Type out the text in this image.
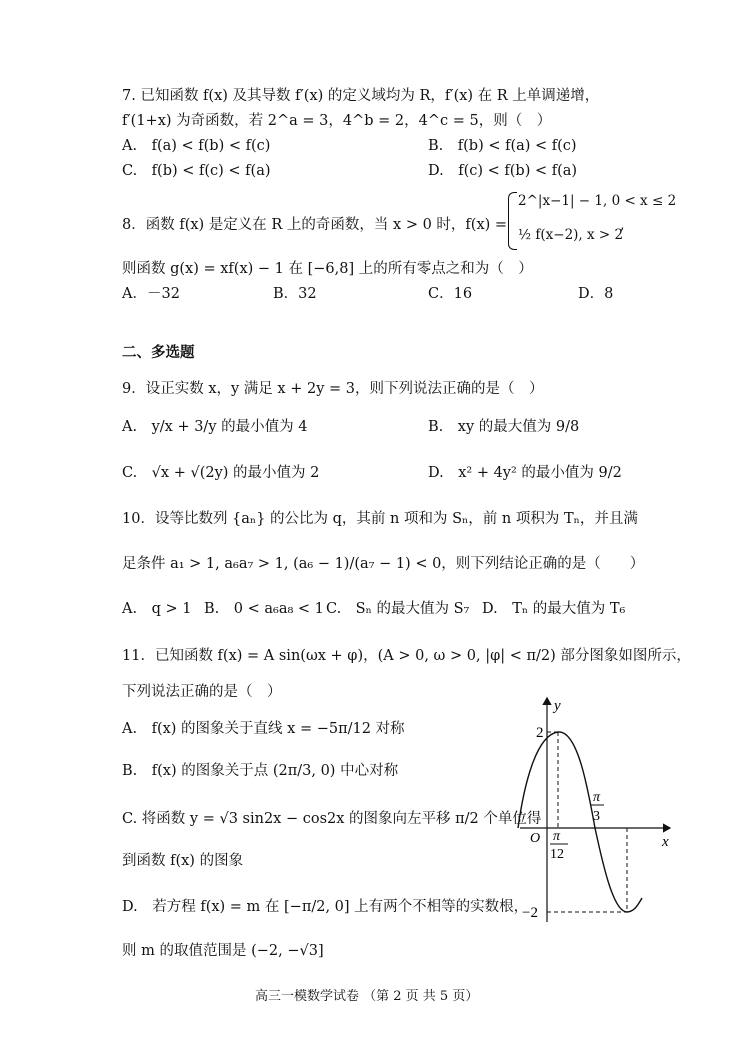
7. 已知函数 f(x) 及其导数 f′(x) 的定义域均为 R，f′(x) 在 R 上单调递增，
f′(1+x) 为奇函数，若 2^a = 3，4^b = 2，4^c = 5，则（　）
A.　f(a) < f(b) < f(c)	B.　f(b) < f(a) < f(c)
C.　f(b) < f(c) < f(a)	D.　f(c) < f(b) < f(a)
8．函数 f(x) 是定义在 R 上的奇函数，当 x > 0 时，f(x) =
2^|x−1| − 1, 0 < x ≤ 2
½ f(x−2), x > 2
,
则函数 g(x) = xf(x) − 1 在 [−6,8] 上的所有零点之和为（　）
A．－32	B．32	C．16	D．8
二、多选题
9．设正实数 x，y 满足 x + 2y = 3，则下列说法正确的是（　）
A.　y/x + 3/y 的最小值为 4	B.　xy 的最大值为 9/8
C.　√x + √(2y) 的最小值为 2	D.　x² + 4y² 的最小值为 9/2
10．设等比数列 {aₙ} 的公比为 q，其前 n 项和为 Sₙ，前 n 项积为 Tₙ，并且满
足条件 a₁ > 1, a₆a₇ > 1, (a₆ − 1)/(a₇ − 1) < 0，则下列结论正确的是（　　）
A.　q > 1 B.　0 < a₆a₈ < 1 C.　Sₙ 的最大值为 S₇ D.　Tₙ 的最大值为 T₆
11．已知函数 f(x) = A sin(ωx + φ)，(A > 0, ω > 0, |φ| < π/2) 部分图象如图所示，
下列说法正确的是（　）
A.　f(x) 的图象关于直线 x = −5π/12 对称
B.　f(x) 的图象关于点 (2π/3, 0) 中心对称
C. 将函数 y = √3 sin2x − cos2x 的图象向左平移 π/2 个单位得
到函数 f(x) 的图象
D.　若方程 f(x) = m 在 [−π/2, 0] 上有两个不相等的实数根，
则 m 的取值范围是 (−2, −√3]
y
x
O
2
−2
π
12
π
3
高三一模数学试卷 （第 2 页 共 5 页）
